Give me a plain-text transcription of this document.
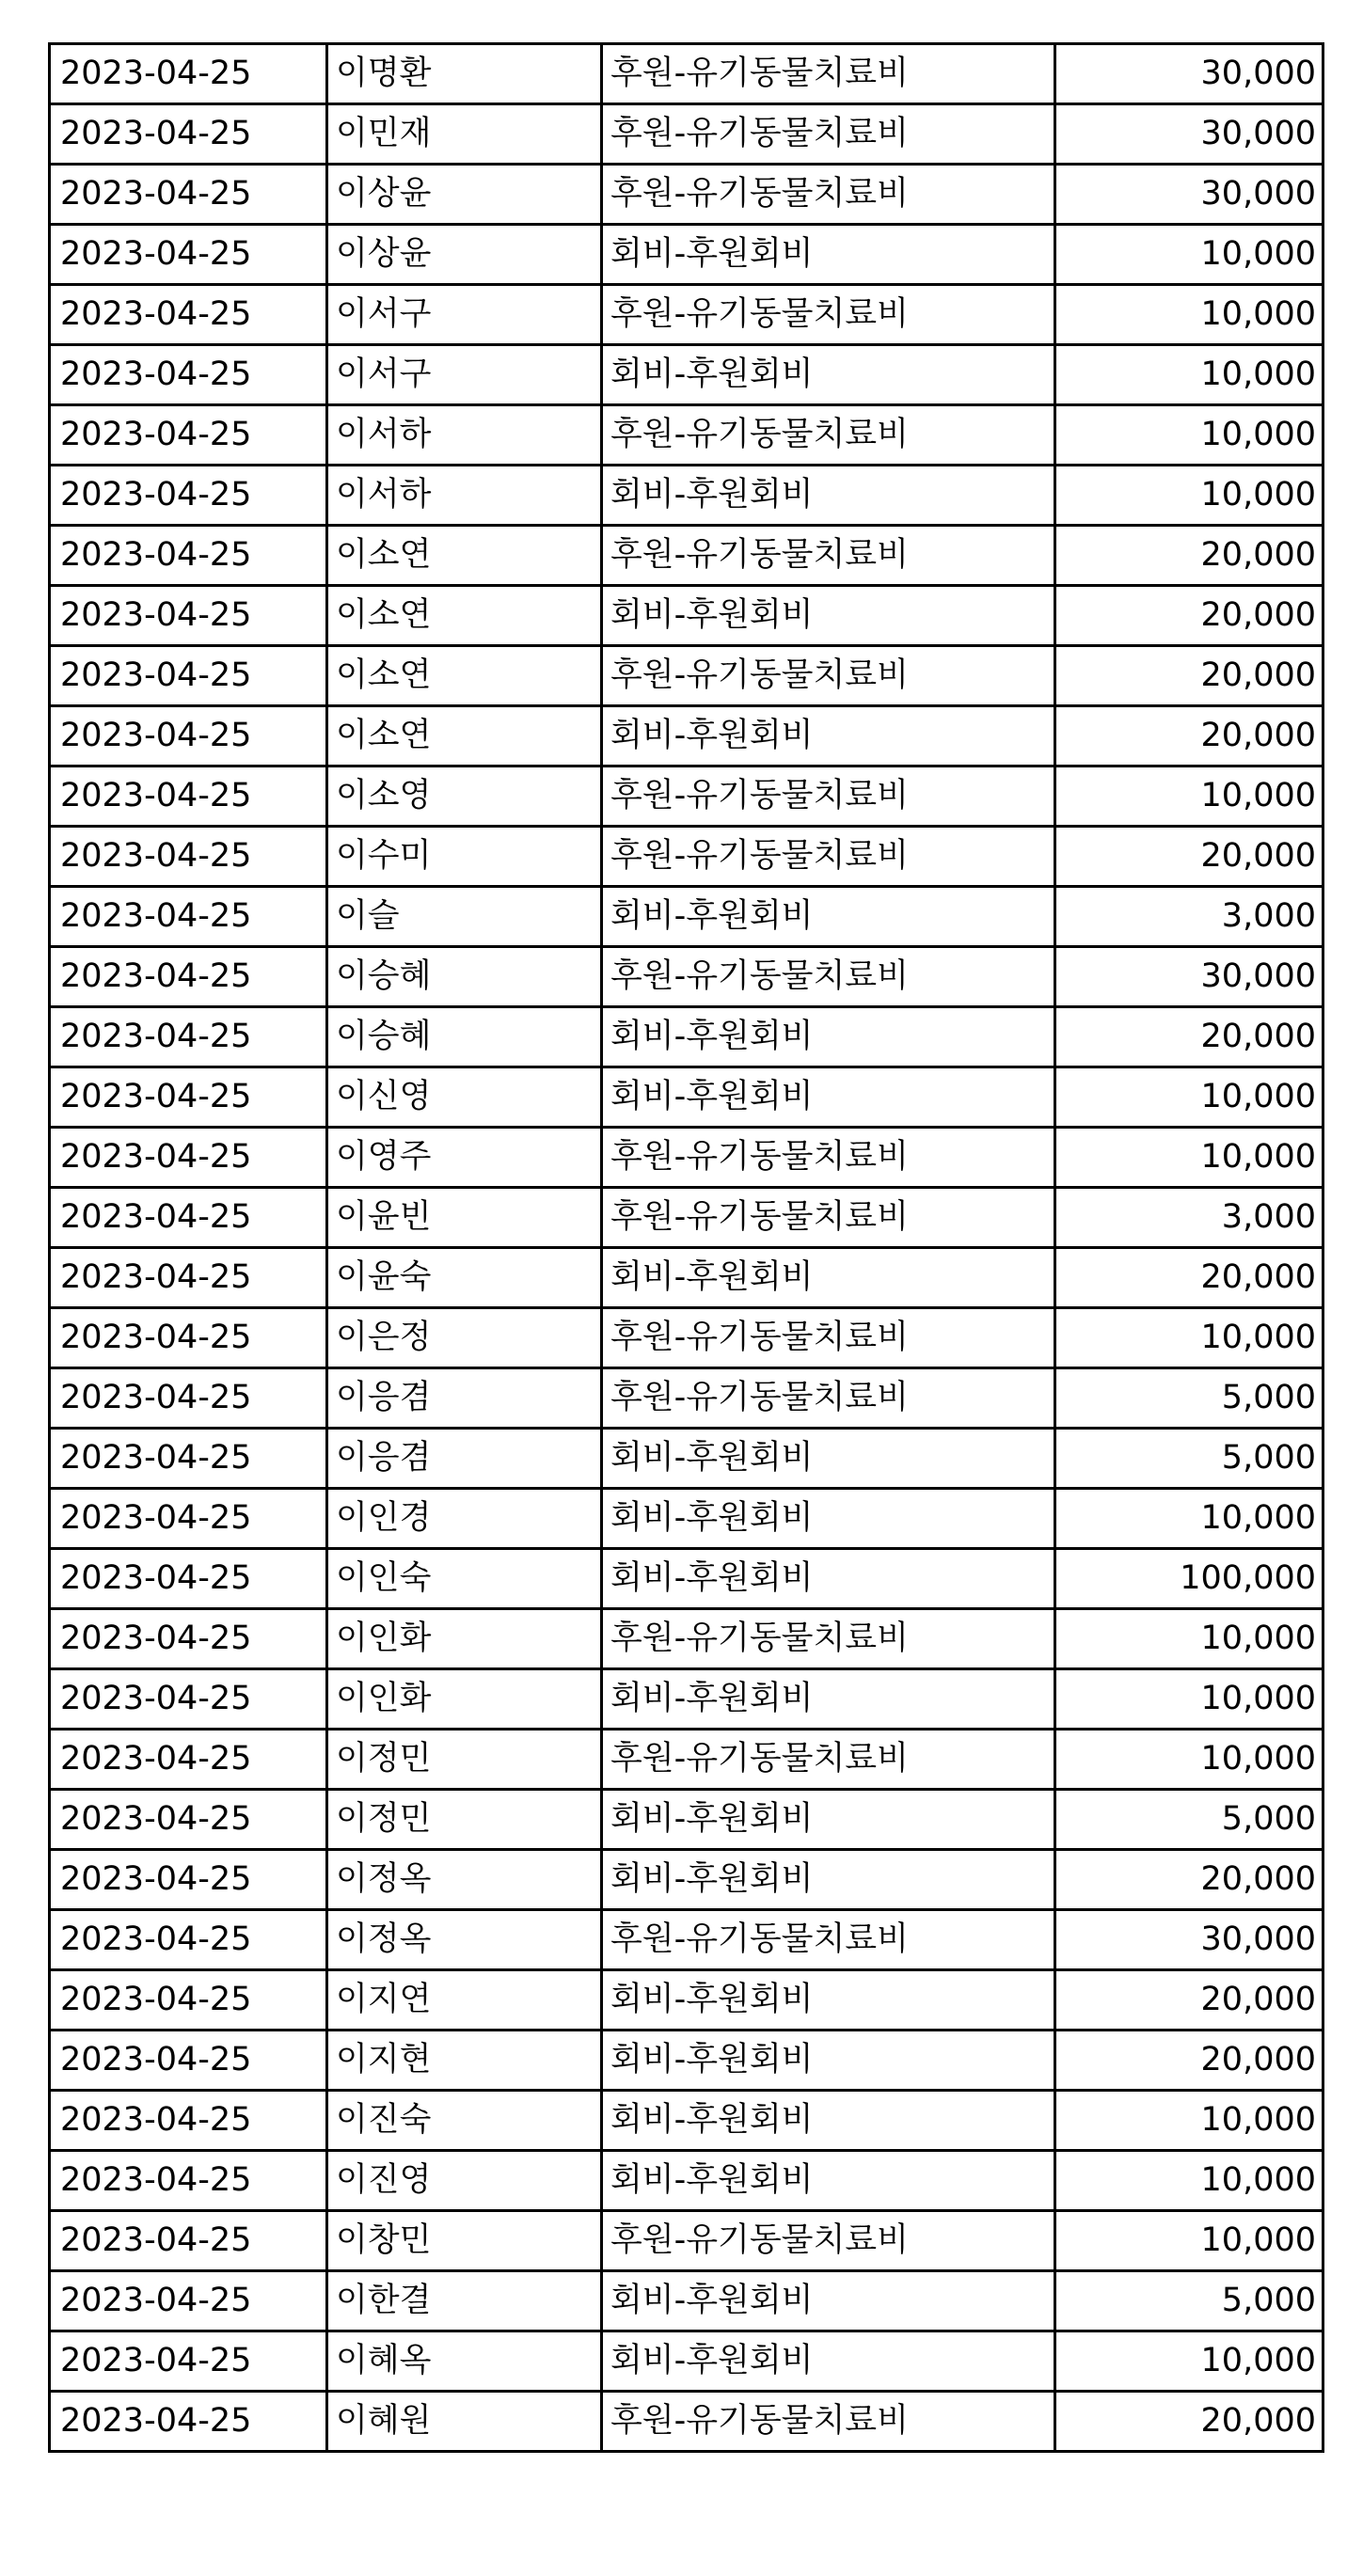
2023-04-25	이명환	후원-유기동물치료비	30,000
2023-04-25	이민재	후원-유기동물치료비	30,000
2023-04-25	이상윤	후원-유기동물치료비	30,000
2023-04-25	이상윤	회비-후원회비	10,000
2023-04-25	이서구	후원-유기동물치료비	10,000
2023-04-25	이서구	회비-후원회비	10,000
2023-04-25	이서하	후원-유기동물치료비	10,000
2023-04-25	이서하	회비-후원회비	10,000
2023-04-25	이소연	후원-유기동물치료비	20,000
2023-04-25	이소연	회비-후원회비	20,000
2023-04-25	이소연	후원-유기동물치료비	20,000
2023-04-25	이소연	회비-후원회비	20,000
2023-04-25	이소영	후원-유기동물치료비	10,000
2023-04-25	이수미	후원-유기동물치료비	20,000
2023-04-25	이슬	회비-후원회비	3,000
2023-04-25	이승혜	후원-유기동물치료비	30,000
2023-04-25	이승혜	회비-후원회비	20,000
2023-04-25	이신영	회비-후원회비	10,000
2023-04-25	이영주	후원-유기동물치료비	10,000
2023-04-25	이윤빈	후원-유기동물치료비	3,000
2023-04-25	이윤숙	회비-후원회비	20,000
2023-04-25	이은정	후원-유기동물치료비	10,000
2023-04-25	이응겸	후원-유기동물치료비	5,000
2023-04-25	이응겸	회비-후원회비	5,000
2023-04-25	이인경	회비-후원회비	10,000
2023-04-25	이인숙	회비-후원회비	100,000
2023-04-25	이인화	후원-유기동물치료비	10,000
2023-04-25	이인화	회비-후원회비	10,000
2023-04-25	이정민	후원-유기동물치료비	10,000
2023-04-25	이정민	회비-후원회비	5,000
2023-04-25	이정옥	회비-후원회비	20,000
2023-04-25	이정옥	후원-유기동물치료비	30,000
2023-04-25	이지연	회비-후원회비	20,000
2023-04-25	이지현	회비-후원회비	20,000
2023-04-25	이진숙	회비-후원회비	10,000
2023-04-25	이진영	회비-후원회비	10,000
2023-04-25	이창민	후원-유기동물치료비	10,000
2023-04-25	이한결	회비-후원회비	5,000
2023-04-25	이혜옥	회비-후원회비	10,000
2023-04-25	이혜원	후원-유기동물치료비	20,000
